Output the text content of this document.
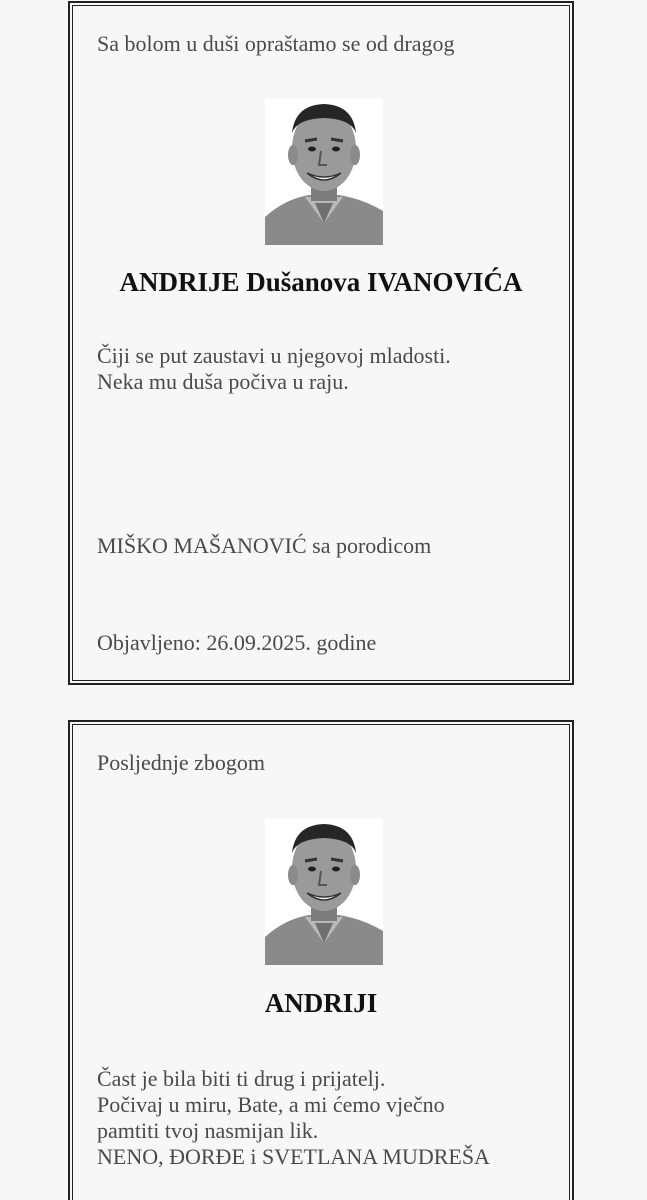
Sa bolom u duši opraštamo se od dragog
ANDRIJE Dušanova IVANOVIĆA
Čiji se put zaustavi u njegovoj mladosti.
Neka mu duša počiva u raju.
MIŠKO MAŠANOVIĆ sa porodicom
Objavljeno: 26.09.2025. godine
Posljednje zbogom
ANDRIJI
Čast je bila biti ti drug i prijatelj.
Počivaj u miru, Bate, a mi ćemo vječno
pamtiti tvoj nasmijan lik.
NENO, ĐORĐE i SVETLANA MUDREŠA
